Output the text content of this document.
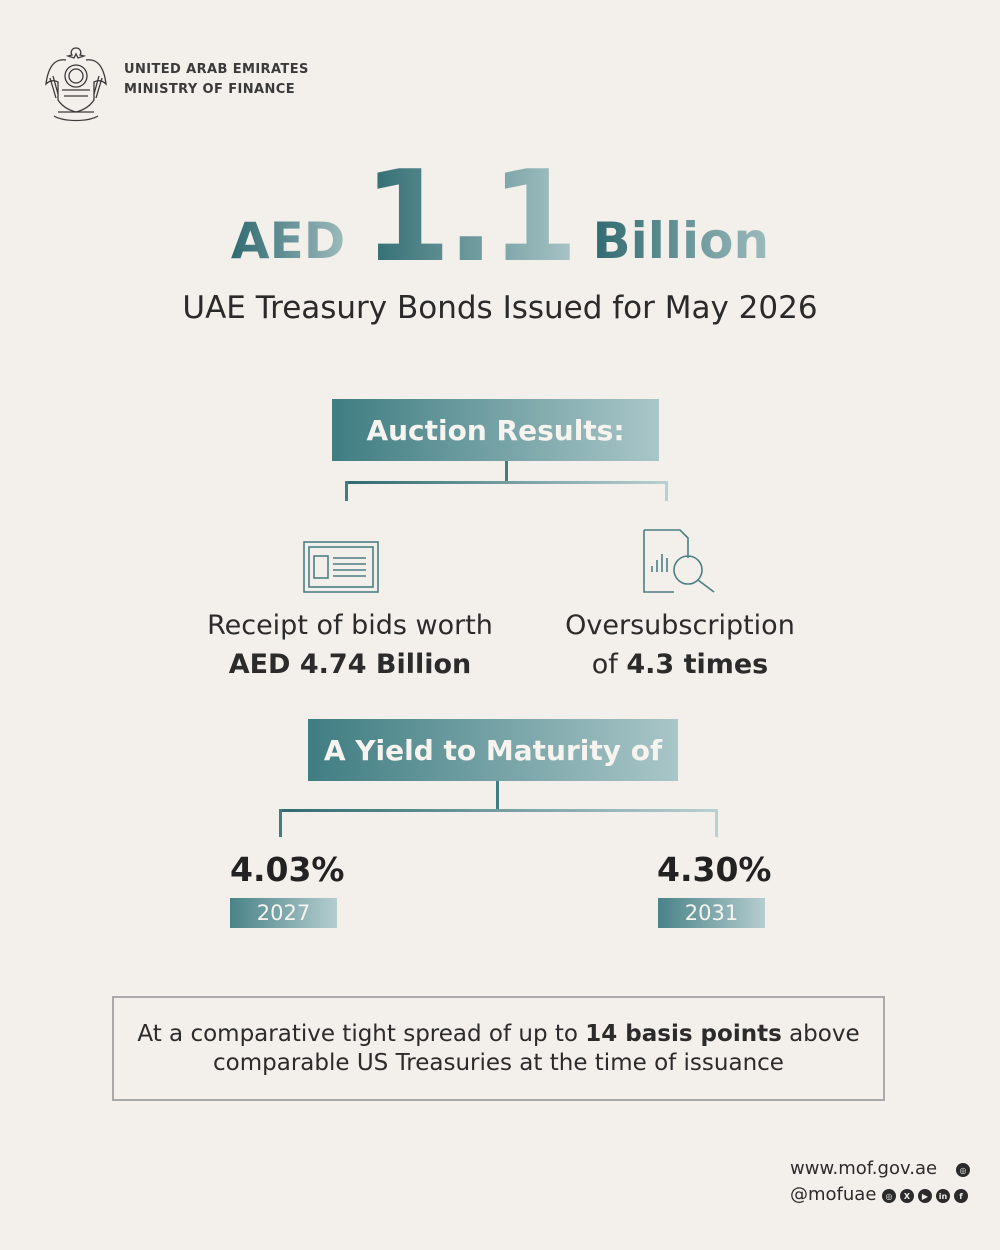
UNITED ARAB EMIRATES
MINISTRY OF FINANCE
AED 1.1 Billion
UAE Treasury Bonds Issued for May 2026
Auction Results:
Receipt of bids worth
AED 4.74 Billion
Oversubscription
of 4.3 times
A Yield to Maturity of
4.03%
2027
4.30%
2031
At a comparative tight spread of up to 14 basis points above
comparable US Treasuries at the time of issuance
www.mof.gov.ae	◎
@mofuae	◎	X	▶	in	f
